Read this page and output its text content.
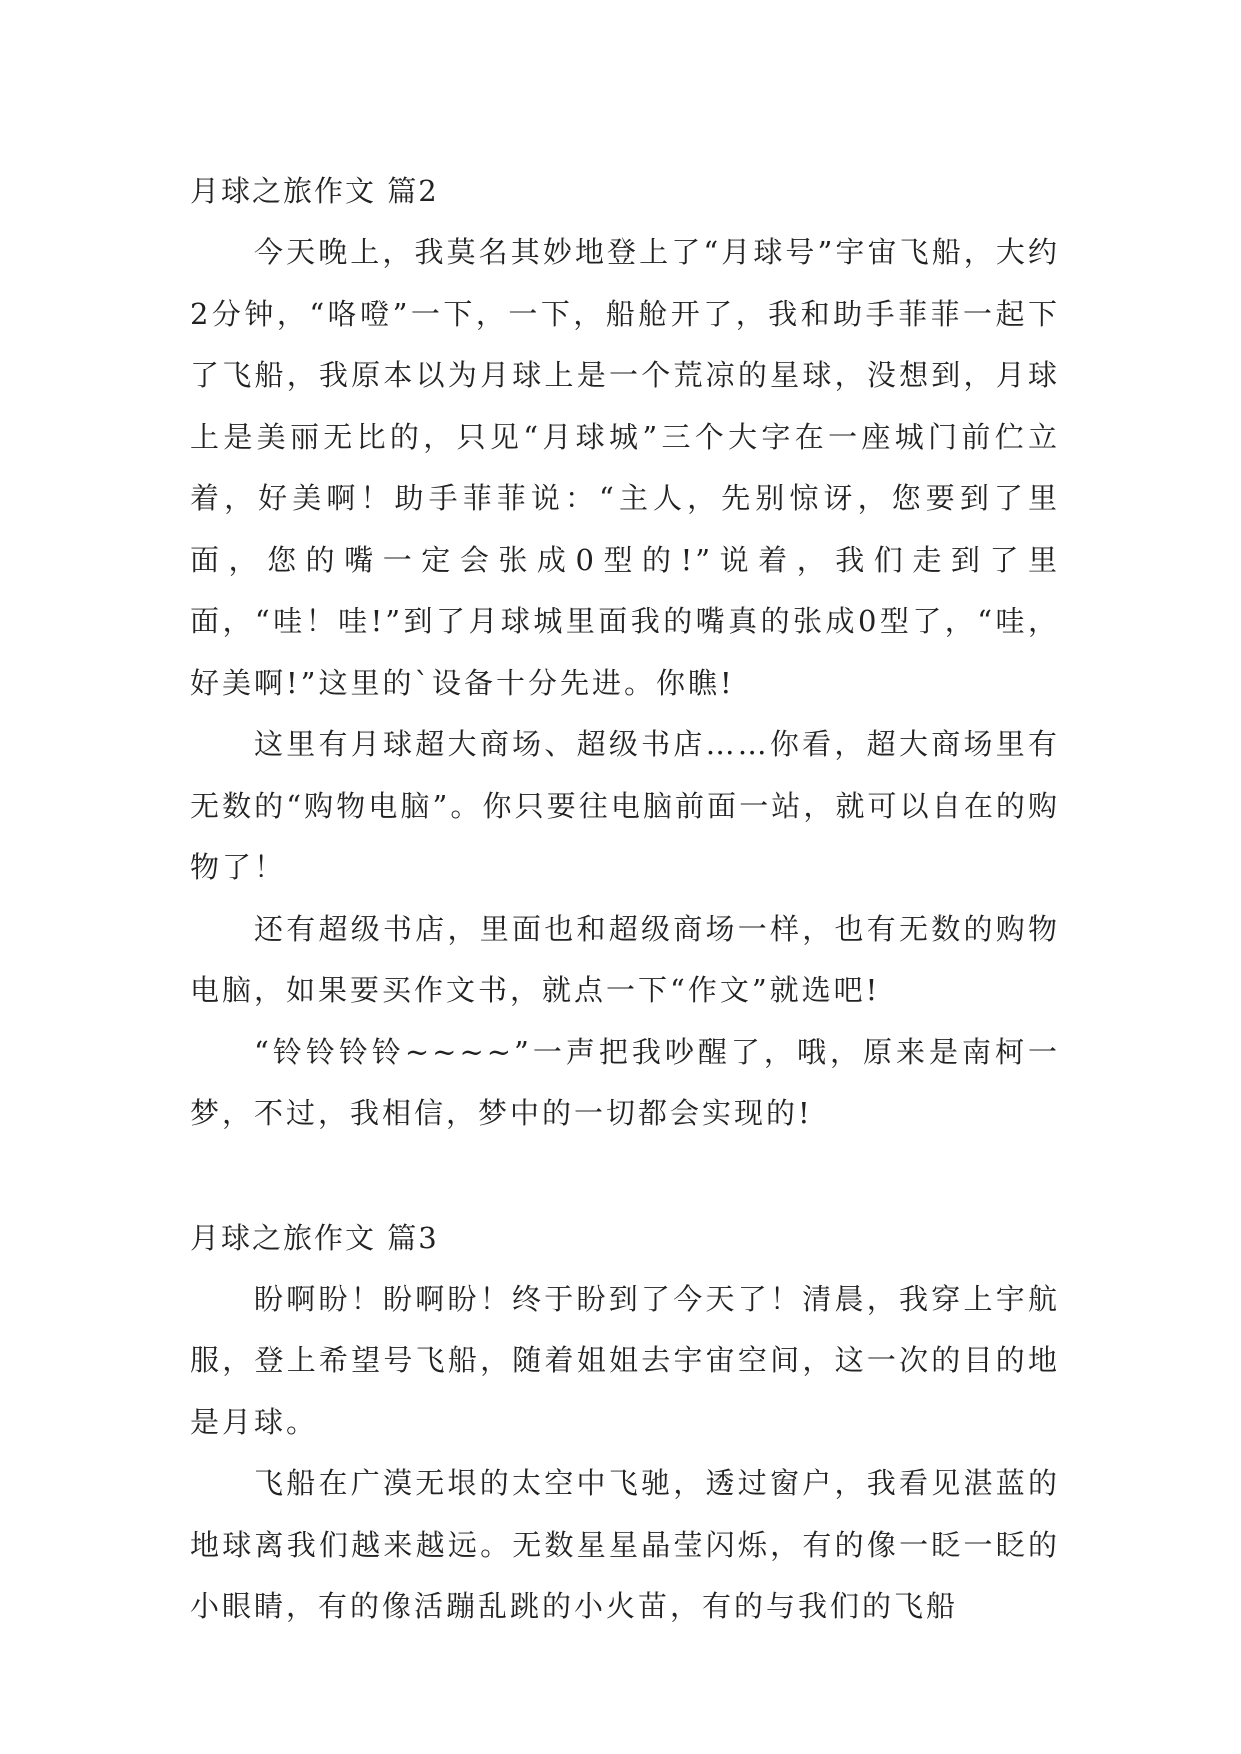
月球之旅作文 篇2

今天晚上，我莫名其妙地登上了“月球号”宇宙飞船，大约2分钟，“咯噔”一下，一下，船舱开了，我和助手菲菲一起下了飞船，我原本以为月球上是一个荒凉的星球，没想到，月球上是美丽无比的，只见“月球城”三个大字在一座城门前伫立着，好美啊！助手菲菲说：“主人，先别惊讶，您要到了里面，您的嘴一定会张成0型的!”说着，我们走到了里面，“哇！哇!”到了月球城里面我的嘴真的张成0型了，“哇，好美啊!”这里的`设备十分先进。你瞧!

这里有月球超大商场、超级书店……你看，超大商场里有无数的“购物电脑”。你只要往电脑前面一站，就可以自在的购物了！

还有超级书店，里面也和超级商场一样，也有无数的购物电脑，如果要买作文书，就点一下“作文”就选吧!

“铃铃铃铃~~~~”一声把我吵醒了，哦，原来是南柯一梦，不过，我相信，梦中的一切都会实现的!

月球之旅作文 篇3

盼啊盼！盼啊盼！终于盼到了今天了！清晨，我穿上宇航服，登上希望号飞船，随着姐姐去宇宙空间，这一次的目的地是月球。

飞船在广漠无垠的太空中飞驰，透过窗户，我看见湛蓝的地球离我们越来越远。无数星星晶莹闪烁，有的像一眨一眨的小眼睛，有的像活蹦乱跳的小火苗，有的与我们的飞船
